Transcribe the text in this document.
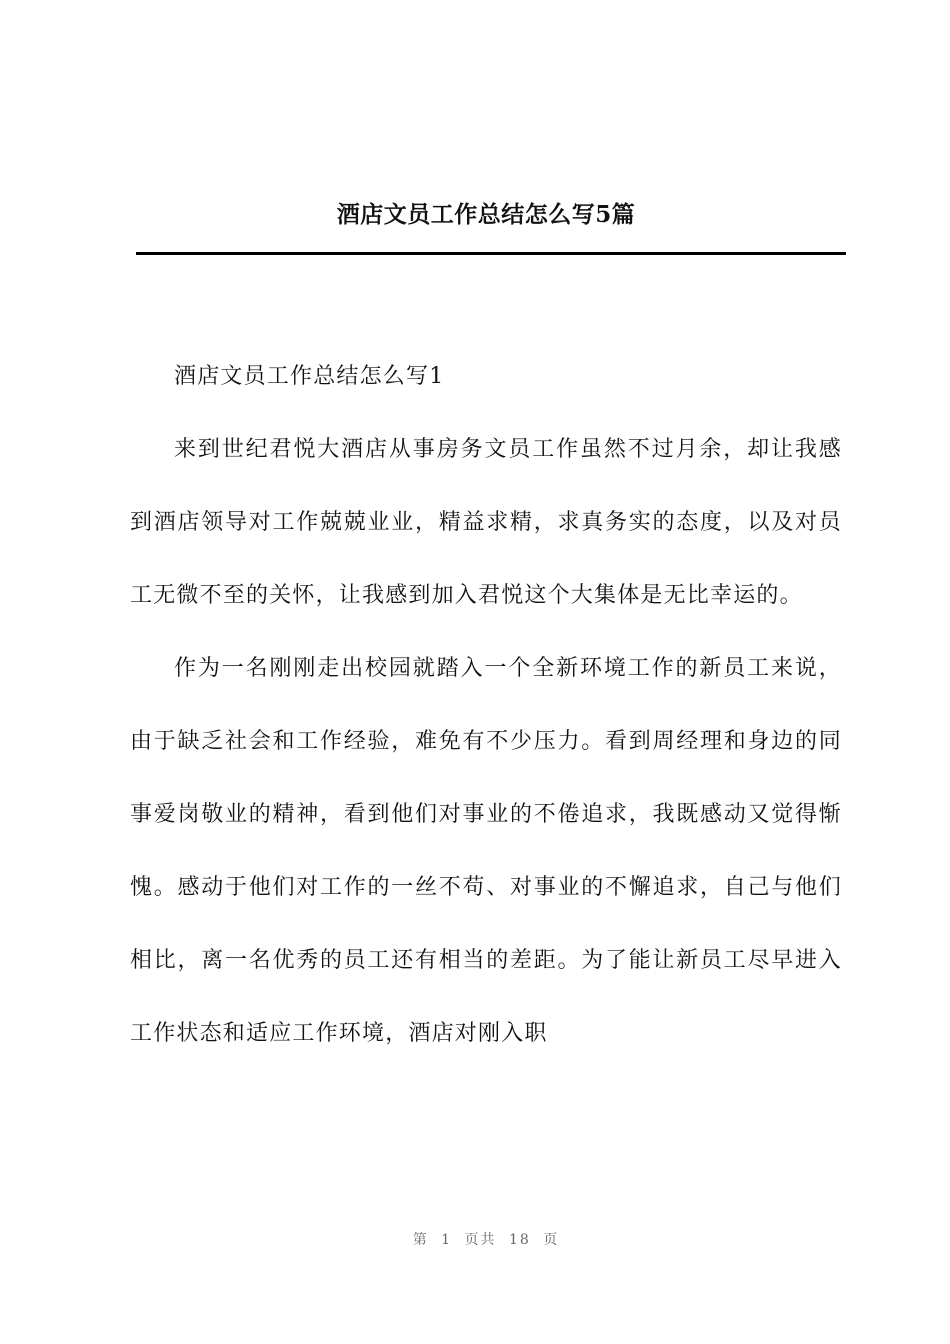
酒店文员工作总结怎么写5篇

酒店文员工作总结怎么写1

来到世纪君悦大酒店从事房务文员工作虽然不过月余，却让我感到酒店领导对工作兢兢业业，精益求精，求真务实的态度，以及对员工无微不至的关怀，让我感到加入君悦这个大集体是无比幸运的。

作为一名刚刚走出校园就踏入一个全新环境工作的新员工来说，由于缺乏社会和工作经验，难免有不少压力。看到周经理和身边的同事爱岗敬业的精神，看到他们对事业的不倦追求，我既感动又觉得惭愧。感动于他们对工作的一丝不苟、对事业的不懈追求，自己与他们相比，离一名优秀的员工还有相当的差距。为了能让新员工尽早进入工作状态和适应工作环境，酒店对刚入职

第 1 页共 18 页
